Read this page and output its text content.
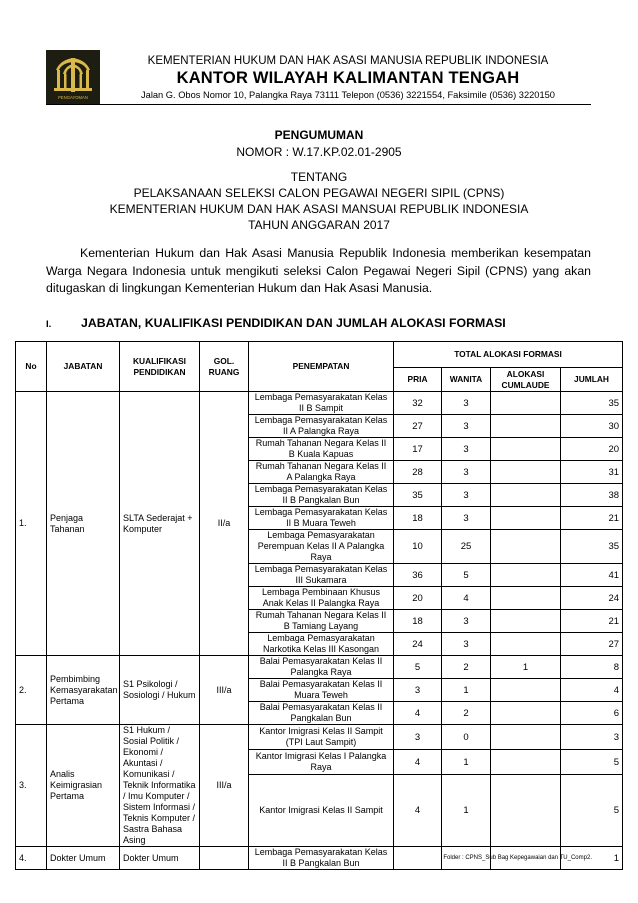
PENGAYOMAN
KEMENTERIAN HUKUM DAN HAK ASASI MANUSIA REPUBLIK INDONESIA
KANTOR WILAYAH KALIMANTAN TENGAH
Jalan G. Obos Nomor 10, Palangka Raya 73111 Telepon (0536) 3221554, Faksimile (0536) 3220150
PENGUMUMAN
NOMOR : W.17.KP.02.01-2905
TENTANG
PELAKSANAAN SELEKSI CALON PEGAWAI NEGERI SIPIL (CPNS)
KEMENTERIAN HUKUM DAN HAK ASASI MANSUAI REPUBLIK INDONESIA
TAHUN ANGGARAN 2017

Kementerian Hukum dan Hak Asasi Manusia Republik Indonesia memberikan kesempatan Warga Negara Indonesia untuk mengikuti seleksi Calon Pegawai Negeri Sipil (CPNS) yang akan ditugaskan di lingkungan Kementerian Hukum dan Hak Asasi Manusia.

I. JABATAN, KUALIFIKASI PENDIDIKAN DAN JUMLAH ALOKASI FORMASI
No	JABATAN	KUALIFIKASI PENDIDIKAN	GOL. RUANG	PENEMPATAN	TOTAL ALOKASI FORMASI			
					PRIA	WANITA	ALOKASI CUMLAUDE	JUMLAH
1.	Penjaga Tahanan	SLTA Sederajat + Komputer	II/a	Lembaga Pemasyarakatan Kelas II B Sampit	32	3		35
				Lembaga Pemasyarakatan Kelas II A Palangka Raya	27	3		30
				Rumah Tahanan Negara Kelas II B Kuala Kapuas	17	3		20
				Rumah Tahanan Negara Kelas II A Palangka Raya	28	3		31
				Lembaga Pemasyarakatan Kelas II B Pangkalan Bun	35	3		38
				Lembaga Pemasyarakatan Kelas II B Muara Teweh	18	3		21
				Lembaga Pemasyarakatan Perempuan Kelas II A Palangka Raya	10	25		35
				Lembaga Pemasyarakatan Kelas III Sukamara	36	5		41
				Lembaga Pembinaan Khusus Anak Kelas II Palangka Raya	20	4		24
				Rumah Tahanan Negara Kelas II B Tamiang Layang	18	3		21
				Lembaga Pemasyarakatan Narkotika Kelas III Kasongan	24	3		27
2.	Pembimbing Kemasyarakatan Pertama	S1 Psikologi / Sosiologi / Hukum	III/a	Balai Pemasyarakatan Kelas II Palangka Raya	5	2	1	8
				Balai Pemasyarakatan Kelas II Muara Teweh	3	1		4
				Balai Pemasyarakatan Kelas II Pangkalan Bun	4	2		6
3.	Analis Keimigrasian Pertama	S1 Hukum / Sosial Politik / Ekonomi / Akuntasi / Komunikasi / Teknik Informatika / Imu Komputer / Sistem Informasi / Teknis Komputer / Sastra Bahasa Asing	III/a	Kantor Imigrasi Kelas II Sampit (TPI Laut Sampit)	3	0		3
				Kantor Imigrasi Kelas I Palangka Raya	4	1		5
				Kantor Imigrasi Kelas II Sampit	4	1		5
4.	Dokter Umum	Dokter Umum		Lembaga Pemasyarakatan Kelas II B Pangkalan Bun				1
Folder : CPNS_Sub Bag Kepegawaian dan TU_Comp2.
